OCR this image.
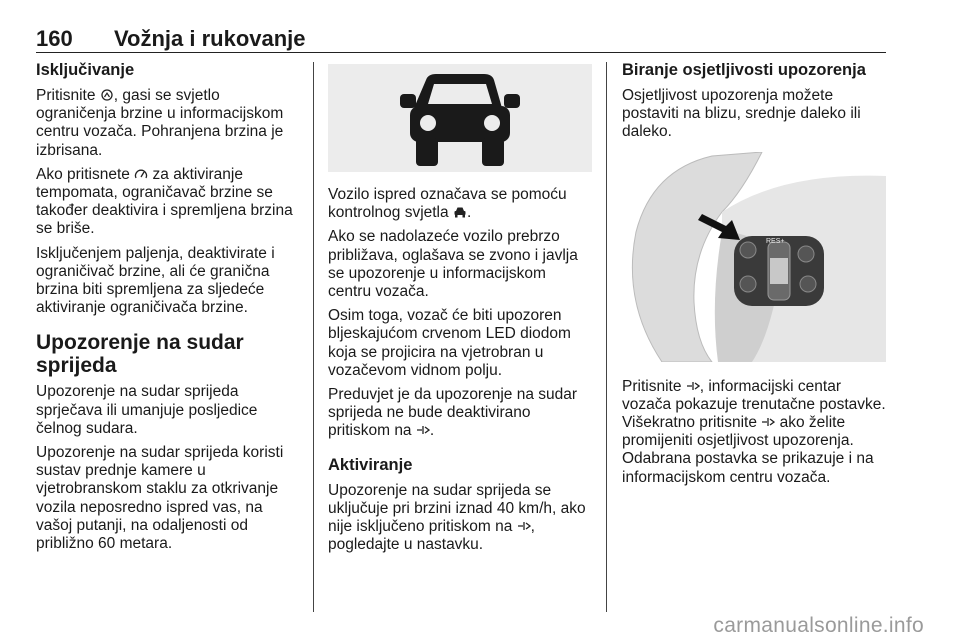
160 Vožnja i rukovanje
Isključivanje

Pritisnite
, gasi se svjetlo ograničenja brzine u informacijskom centru vozača. Pohranjena brzina je izbrisana.

Ako pritisnete
za aktiviranje tempomata, ograničavač brzine se također deaktivira i spremljena brzina se briše.

Isključenjem paljenja, deaktivirate i ograničivač brzine, ali će granična brzina biti spremljena za sljedeće aktiviranje ograničivača brzine.

Upozorenje na sudar sprijeda

Upozorenje na sudar sprijeda sprječava ili umanjuje posljedice čelnog sudara.

Upozorenje na sudar sprijeda koristi sustav prednje kamere u vjetrobranskom staklu za otkrivanje vozila neposredno ispred vas, na vašoj putanji, na odaljenosti od približno 60 metara.

Vozilo ispred označava se pomoću kontrolnog svjetla
.

Ako se nadolazeće vozilo prebrzo približava, oglašava se zvono i javlja se upozorenje u informacijskom centru vozača.

Osim toga, vozač će biti upozoren bljeskajućom crvenom LED diodom koja se projicira na vjetrobran u vozačevom vidnom polju.

Preduvjet je da upozorenje na sudar sprijeda ne bude deaktivirano pritiskom na
.

Aktiviranje

Upozorenje na sudar sprijeda se uključuje pri brzini iznad 40 km/h, ako nije isključeno pritiskom na
, pogledajte u nastavku.

Biranje osjetljivosti upozorenja

Osjetljivost upozorenja možete postaviti na blizu, srednje daleko ili daleko.

RES+

Pritisnite
, informacijski centar vozača pokazuje trenutačne postavke. Višekratno pritisnite
ako želite promijeniti osjetljivost upozorenja. Odabrana postavka se prikazuje i na informacijskom centru vozača.

carmanualsonline.info
